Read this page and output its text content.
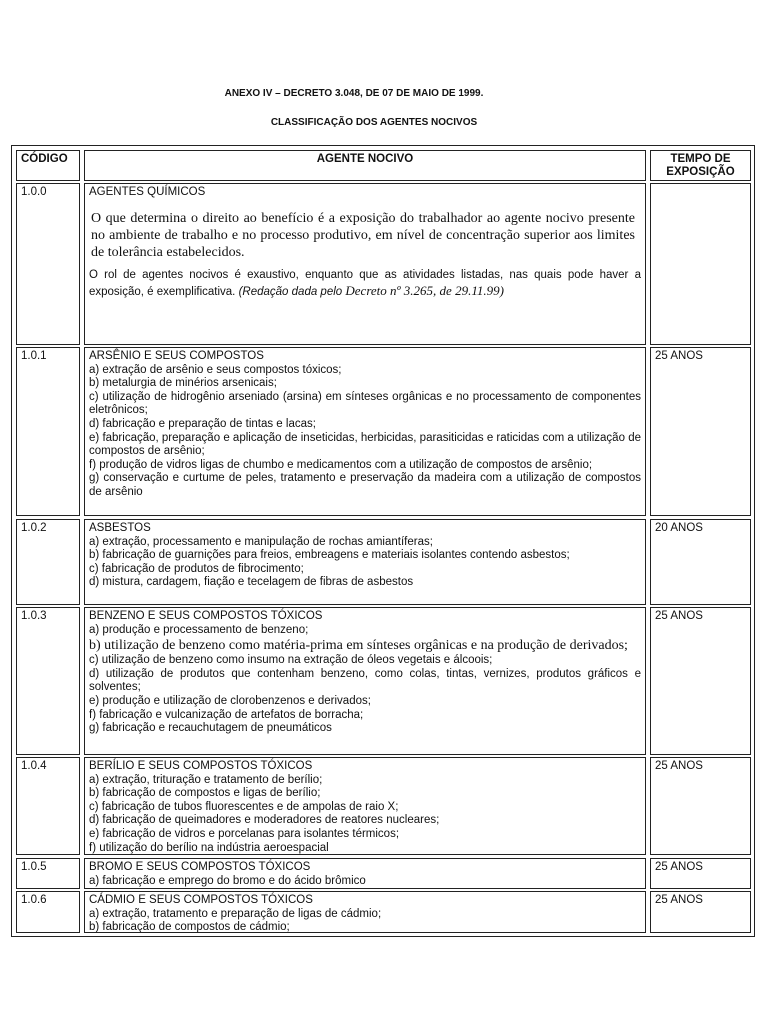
ANEXO IV – DECRETO 3.048, DE 07 DE MAIO DE 1999.
CLASSIFICAÇÃO DOS AGENTES NOCIVOS
CÓDIGO	AGENTE NOCIVO	TEMPO DE
EXPOSIÇÃO
1.0.0	AGENTES QUÍMICOS
O que determina o direito ao benefício é a exposição do trabalhador ao agente nocivo presente no ambiente de trabalho e no processo produtivo, em nível de concentração superior aos limites de tolerância estabelecidos.
O rol de agentes nocivos é exaustivo, enquanto que as atividades listadas, nas quais pode haver a exposição, é exemplificativa. (Redação dada pelo Decreto nº 3.265, de 29.11.99)
1.0.1	ARSÊNIO E SEUS COMPOSTOS
a) extração de arsênio e seus compostos tóxicos;
b) metalurgia de minérios arsenicais;
c) utilização de hidrogênio arseniado (arsina) em sínteses orgânicas e no processamento de componentes eletrônicos;
d) fabricação e preparação de tintas e lacas;
e) fabricação, preparação e aplicação de inseticidas, herbicidas, parasiticidas e raticidas com a utilização de compostos de arsênio;
f) produção de vidros ligas de chumbo e medicamentos com a utilização de compostos de arsênio;
g) conservação e curtume de peles, tratamento e preservação da madeira com a utilização de compostos de arsênio
25 ANOS
1.0.2	ASBESTOS
a) extração, processamento e manipulação de rochas amiantíferas;
b) fabricação de guarnições para freios, embreagens e materiais isolantes contendo asbestos;
c) fabricação de produtos de fibrocimento;
d) mistura, cardagem, fiação e tecelagem de fibras de asbestos
20 ANOS
1.0.3	BENZENO E SEUS COMPOSTOS TÓXICOS
a) produção e processamento de benzeno;
b) utilização de benzeno como matéria-prima em sínteses orgânicas e na produção de derivados;
c) utilização de benzeno como insumo na extração de óleos vegetais e álcoois;
d) utilização de produtos que contenham benzeno, como colas, tintas, vernizes, produtos gráficos e solventes;
e) produção e utilização de clorobenzenos e derivados;
f) fabricação e vulcanização de artefatos de borracha;
g) fabricação e recauchutagem de pneumáticos
25 ANOS
1.0.4	BERÍLIO E SEUS COMPOSTOS TÓXICOS
a) extração, trituração e tratamento de berílio;
b) fabricação de compostos e ligas de berílio;
c) fabricação de tubos fluorescentes e de ampolas de raio X;
d) fabricação de queimadores e moderadores de reatores nucleares;
e) fabricação de vidros e porcelanas para isolantes térmicos;
f) utilização do berílio na indústria aeroespacial
25 ANOS
1.0.5	BROMO E SEUS COMPOSTOS TÓXICOS
a) fabricação e emprego do bromo e do ácido brômico
25 ANOS
1.0.6	CÁDMIO E SEUS COMPOSTOS TÓXICOS
a) extração, tratamento e preparação de ligas de cádmio;
b) fabricação de compostos de cádmio;
25 ANOS
